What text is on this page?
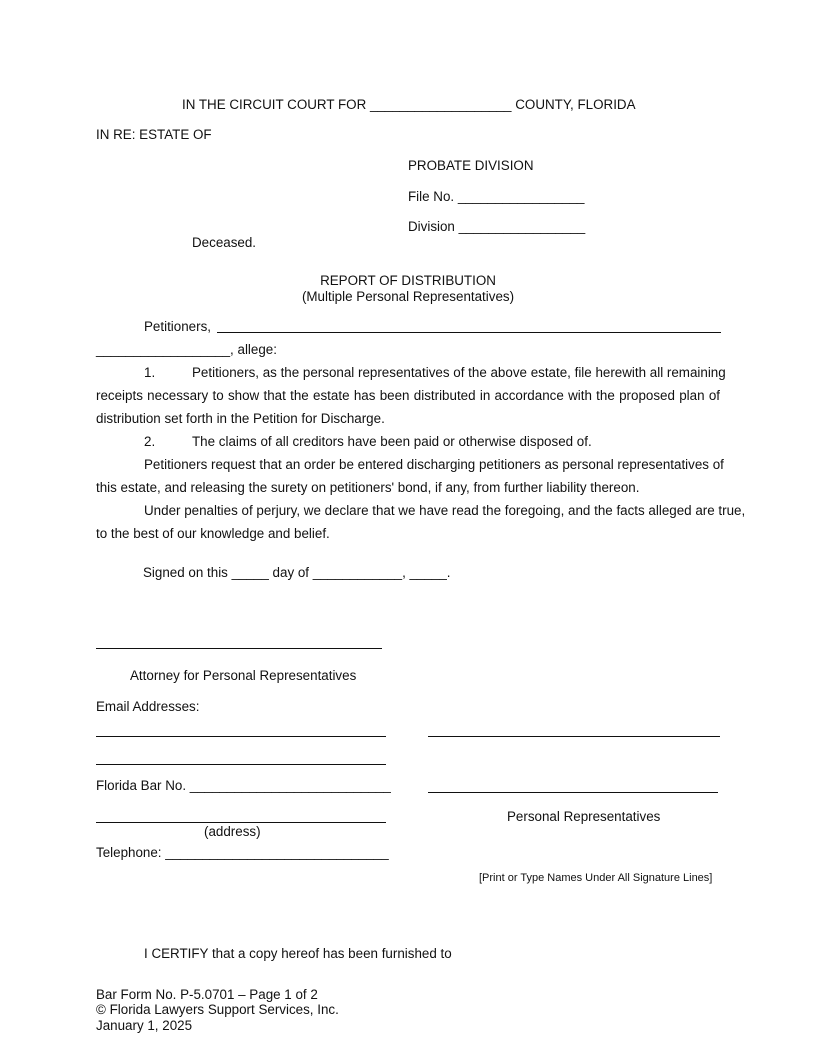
IN THE CIRCUIT COURT FOR ___________________ COUNTY, FLORIDA
IN RE: ESTATE OF
PROBATE DIVISION
File No. _________________
Division _________________
Deceased.
REPORT OF DISTRIBUTION
(Multiple Personal Representatives)
Petitioners,
__________________, allege:
1.	Petitioners, as the personal representatives of the above estate, file herewith all remaining
receipts necessary to show that the estate has been distributed in accordance with the proposed plan of
distribution set forth in the Petition for Discharge.
2.	The claims of all creditors have been paid or otherwise disposed of.
Petitioners request that an order be entered discharging petitioners as personal representatives of
this estate, and releasing the surety on petitioners' bond, if any, from further liability thereon.
Under penalties of perjury, we declare that we have read the foregoing, and the facts alleged are true,
to the best of our knowledge and belief.
Signed on this _____ day of ____________, _____.
Attorney for Personal Representatives
Email Addresses:
Florida Bar No. ___________________________
(address)
Telephone: ______________________________
Personal Representatives
[Print or Type Names Under All Signature Lines]
I CERTIFY that a copy hereof has been furnished to
Bar Form No. P-5.0701 – Page 1 of 2
© Florida Lawyers Support Services, Inc.
January 1, 2025
